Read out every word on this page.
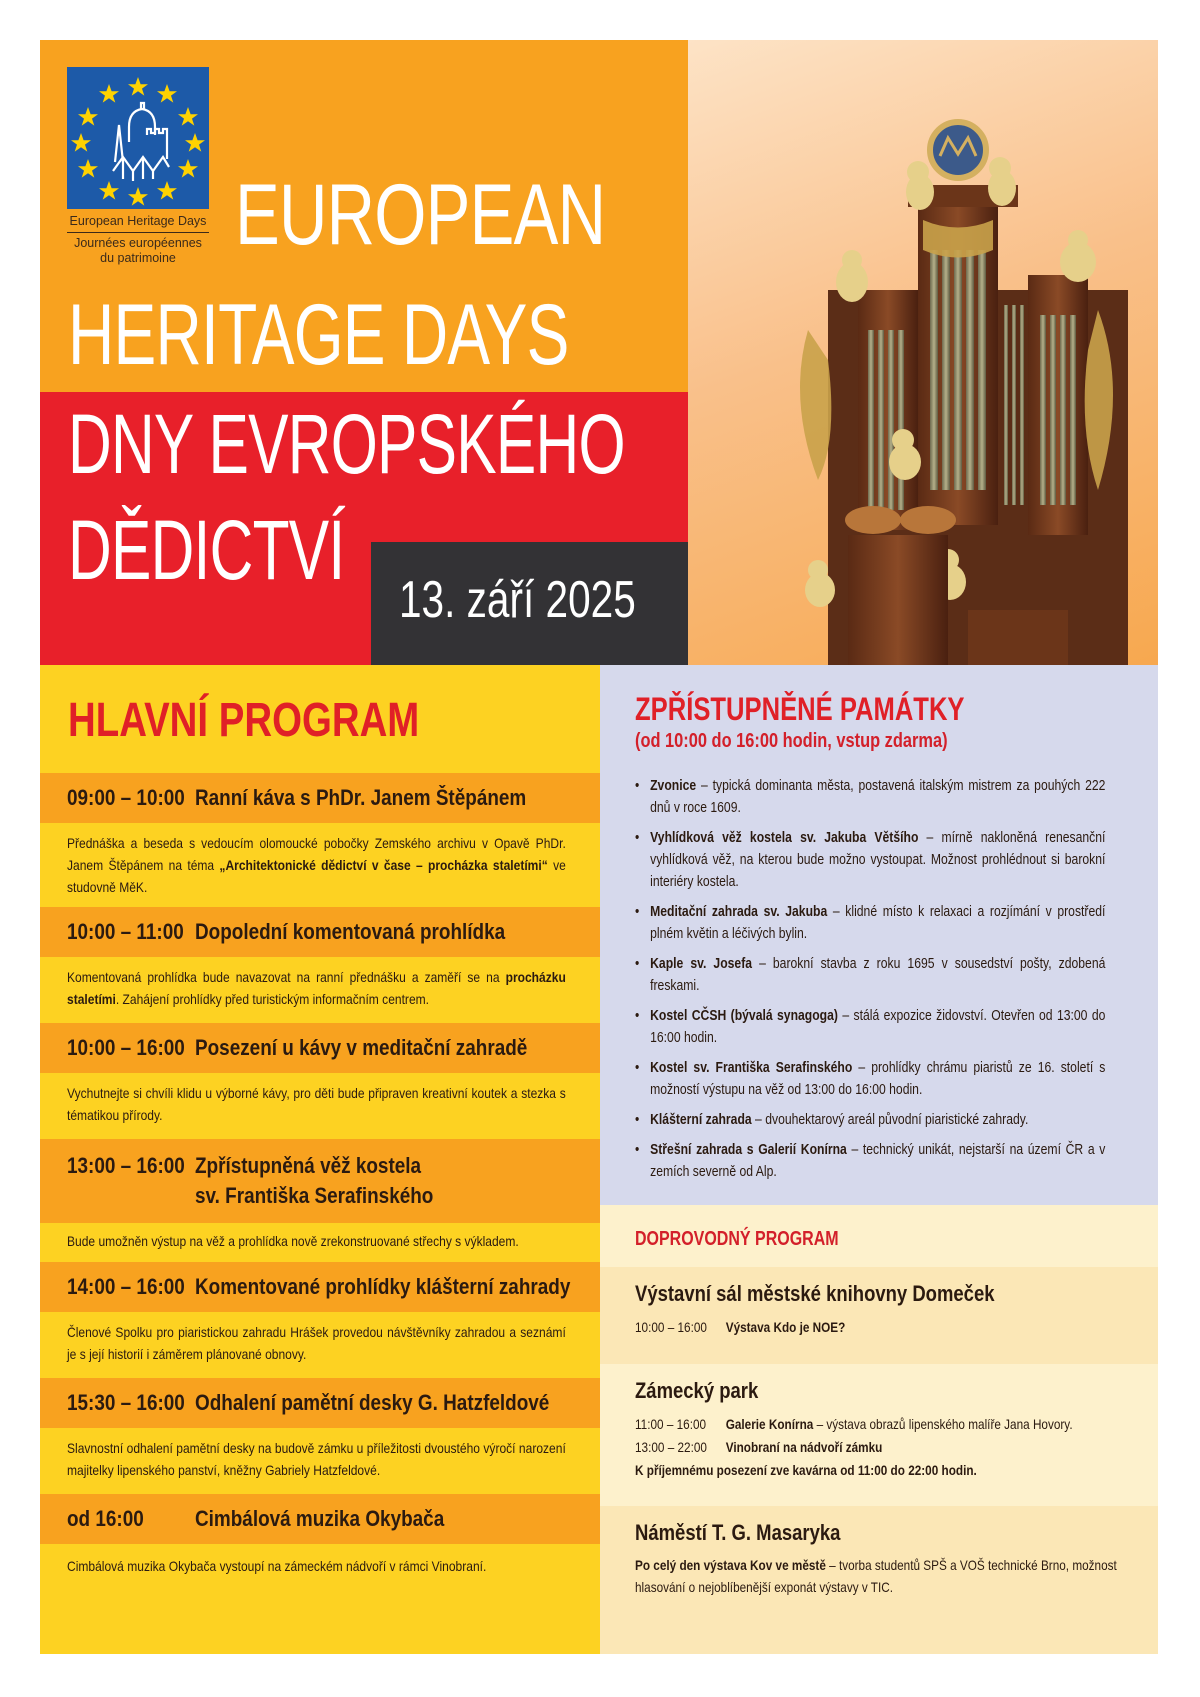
European Heritage Days
Journées européennes
du patrimoine EUROPEAN
HERITAGE DAYS
DNY EVROPSKÉHO
DĚDICTVÍ
13. září 2025
HLAVNÍ PROGRAM
09:00 – 10:00 Ranní káva s PhDr. Janem Štěpánem
Přednáška a beseda s vedoucím olomoucké pobočky Zemského archivu v Opavě PhDr. Janem Štěpánem na téma „Architektonické dědictví v čase – procházka staletími“ ve studovně MěK.
10:00 – 11:00 Dopolední komentovaná prohlídka
Komentovaná prohlídka bude navazovat na ranní přednášku a zaměří se na procházku staletími. Zahájení prohlídky před turistickým informačním centrem.
10:00 – 16:00 Posezení u kávy v meditační zahradě
Vychutnejte si chvíli klidu u výborné kávy, pro děti bude připraven kreativní koutek a stezka s tématikou přírody.
13:00 – 16:00 Zpřístupněná věž kostela
sv. Františka Serafinského
Bude umožněn výstup na věž a prohlídka nově zrekonstruované střechy s výkladem.
14:00 – 16:00 Komentované prohlídky klášterní zahrady
Členové Spolku pro piaristickou zahradu Hrášek provedou návštěvníky zahradou a seznámí je s její historií i záměrem plánované obnovy.
15:30 – 16:00 Odhalení pamětní desky G. Hatzfeldové
Slavnostní odhalení pamětní desky na budově zámku u příležitosti dvoustého výročí narození majitelky lipenského panství, kněžny Gabriely Hatzfeldové.
od 16:00 Cimbálová muzika Okybača
Cimbálová muzika Okybača vystoupí na zámeckém nádvoří v rámci Vinobraní.
ZPŘÍSTUPNĚNÉ PAMÁTKY
(od 10:00 do 16:00 hodin, vstup zdarma)
• Zvonice – typická dominanta města, postavená italským mistrem za pouhých 222 dnů v roce 1609.
• Vyhlídková věž kostela sv. Jakuba Většího – mírně nakloněná renesanční vyhlídková věž, na kterou bude možno vystoupat. Možnost prohlédnout si barokní interiéry kostela.
• Meditační zahrada sv. Jakuba – klidné místo k relaxaci a rozjímání v prostředí plném květin a léčivých bylin.
• Kaple sv. Josefa – barokní stavba z roku 1695 v sousedství pošty, zdobená freskami.
• Kostel CČSH (bývalá synagoga) – stálá expozice židovství. Otevřen od 13:00 do 16:00 hodin.
• Kostel sv. Františka Serafinského – prohlídky chrámu piaristů ze 16. století s možností výstupu na věž od 13:00 do 16:00 hodin.
• Klášterní zahrada – dvouhektarový areál původní piaristické zahrady.
• Střešní zahrada s Galerií Konírna – technický unikát, nejstarší na území ČR a v zemích severně od Alp.
DOPROVODNÝ PROGRAM
Výstavní sál městské knihovny Domeček
10:00 – 16:00 Výstava Kdo je NOE?
Zámecký park
11:00 – 16:00 Galerie Konírna – výstava obrazů lipenského malíře Jana Hovory.
13:00 – 22:00 Vinobraní na nádvoří zámku
K příjemnému posezení zve kavárna od 11:00 do 22:00 hodin.
Náměstí T. G. Masaryka
Po celý den výstava Kov ve městě – tvorba studentů SPŠ a VOŠ technické Brno, možnost hlasování o nejoblíbenější exponát výstavy v TIC.
